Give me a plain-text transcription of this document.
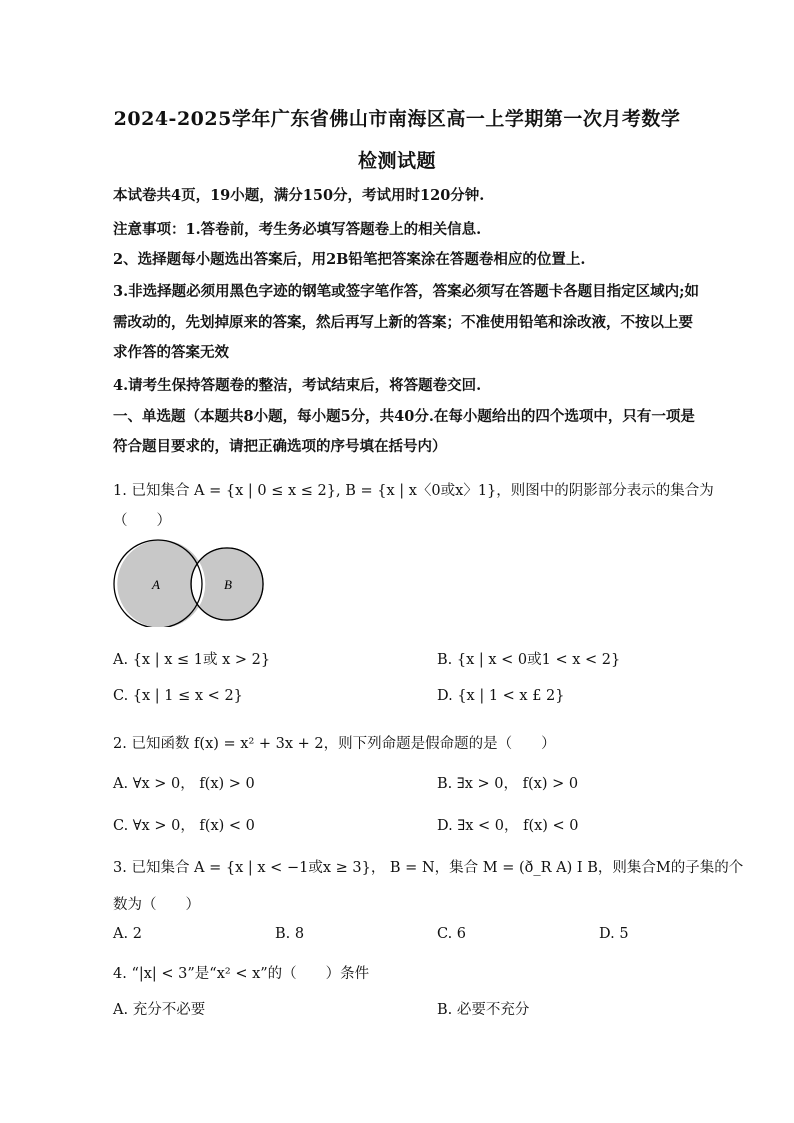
2024-2025学年广东省佛山市南海区高一上学期第一次月考数学
检测试题
本试卷共4页，19小题，满分150分，考试用时120分钟.
注意事项：1.答卷前，考生务必填写答题卷上的相关信息.
2、选择题每小题选出答案后，用2B铅笔把答案涂在答题卷相应的位置上.
3.非选择题必须用黑色字迹的钢笔或签字笔作答，答案必须写在答题卡各题目指定区域内;如
需改动的，先划掉原来的答案，然后再写上新的答案；不准使用铅笔和涂改液，不按以上要
求作答的答案无效
4.请考生保持答题卷的整洁，考试结束后，将答题卷交回.
一、单选题（本题共8小题，每小题5分，共40分.在每小题给出的四个选项中，只有一项是
符合题目要求的，请把正确选项的序号填在括号内）
1. 已知集合 A = {x | 0 ≤ x ≤ 2}, B = {x | x〈0或x〉1}，则图中的阴影部分表示的集合为
（　　）
A	B
A. {x | x ≤ 1或 x > 2}	B. {x | x < 0或1 < x < 2}
C. {x | 1 ≤ x < 2}	D. {x | 1 < x £ 2}
2. 已知函数 f(x) = x² + 3x + 2，则下列命题是假命题的是（　　）
A. ∀x > 0， f(x) > 0	B. ∃x > 0， f(x) > 0
C. ∀x > 0， f(x) < 0	D. ∃x < 0， f(x) < 0
3. 已知集合 A = {x | x < −1或x ≥ 3}， B = N，集合 M = (ð_R A) I B，则集合M的子集的个
数为（　　）
A. 2	B. 8	C. 6	D. 5
4. “|x| < 3”是“x² < x”的（　　）条件
A. 充分不必要	B. 必要不充分
